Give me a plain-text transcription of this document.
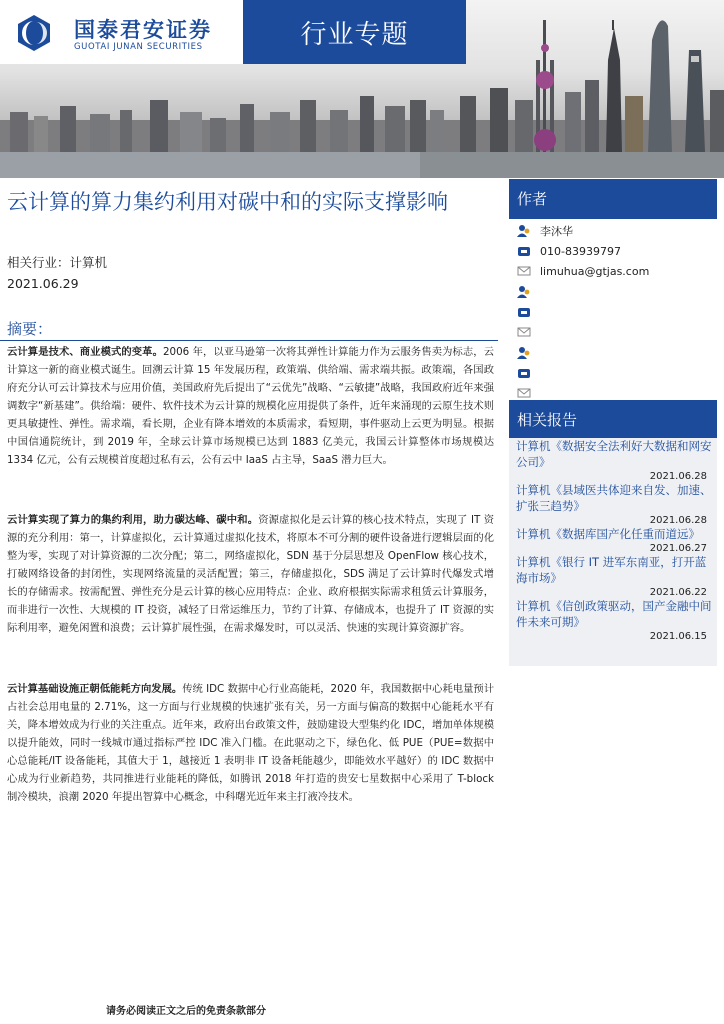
国泰君安证券
GUOTAI JUNAN SECURITIES	行业专题
云计算的算力集约利用对碳中和的实际支撑影响
相关行业：计算机
2021.06.29
摘要：
云计算是技术、商业模式的变革。2006 年，以亚马逊第一次将其弹性计算能力作为云服务售卖为标志，云计算这一新的商业模式诞生。回溯云计算 15 年发展历程，政策端、供给端、需求端共振。政策端，各国政府充分认可云计算技术与应用价值，美国政府先后提出了“云优先”战略、“云敏捷”战略，我国政府近年来强调数字“新基建”。供给端：硬件、软件技术为云计算的规模化应用提供了条件，近年来涌现的云原生技术则更具敏捷性、弹性。需求端，看长期，企业有降本增效的本质需求，看短期，事件驱动上云更为明显。根据中国信通院统计，到 2019 年，全球云计算市场规模已达到 1883 亿美元，我国云计算整体市场规模达 1334 亿元，公有云规模首度超过私有云，公有云中 IaaS 占主导，SaaS 潜力巨大。
云计算实现了算力的集约利用，助力碳达峰、碳中和。资源虚拟化是云计算的核心技术特点，实现了 IT 资源的充分利用：第一，计算虚拟化，云计算通过虚拟化技术，将原本不可分割的硬件设备进行逻辑层面的化整为零，实现了对计算资源的二次分配；第二，网络虚拟化，SDN 基于分层思想及 OpenFlow 核心技术，打破网络设备的封闭性，实现网络流量的灵活配置；第三，存储虚拟化，SDS 满足了云计算时代爆发式增长的存储需求。按需配置、弹性充分是云计算的核心应用特点：企业、政府根据实际需求租赁云计算服务，而非进行一次性、大规模的 IT 投资，减轻了日常运维压力，节约了计算、存储成本，也提升了 IT 资源的实际利用率，避免闲置和浪费；云计算扩展性强，在需求爆发时，可以灵活、快速的实现计算资源扩容。
云计算基础设施正朝低能耗方向发展。传统 IDC 数据中心行业高能耗，2020 年，我国数据中心耗电量预计占社会总用电量的 2.71%，这一方面与行业规模的快速扩张有关，另一方面与偏高的数据中心能耗水平有关，降本增效成为行业的关注重点。近年来，政府出台政策文件，鼓励建设大型集约化 IDC，增加单体规模以提升能效，同时一线城市通过指标严控 IDC 准入门槛。在此驱动之下，绿色化、低 PUE（PUE=数据中心总能耗/IT 设备能耗，其值大于 1，越接近 1 表明非 IT 设备耗能越少，即能效水平越好）的 IDC 数据中心成为行业新趋势，共同推进行业能耗的降低，如腾讯 2018 年打造的贵安七星数据中心采用了 T-block 制冷模块，浪潮 2020 年提出智算中心概念，中科曙光近年来主打液冷技术。
作者
李沐华
010-83939797
limuhua@gtjas.com
相关报告
计算机《数据安全法利好大数据和网安公司》
2021.06.28
计算机《县域医共体迎来自发、加速、扩张三趋势》
2021.06.28
计算机《数据库国产化任重而道远》
2021.06.27
计算机《银行 IT 进军东南亚，打开蓝海市场》
2021.06.22
计算机《信创政策驱动，国产金融中间件未来可期》
2021.06.15
请务必阅读正文之后的免责条款部分
